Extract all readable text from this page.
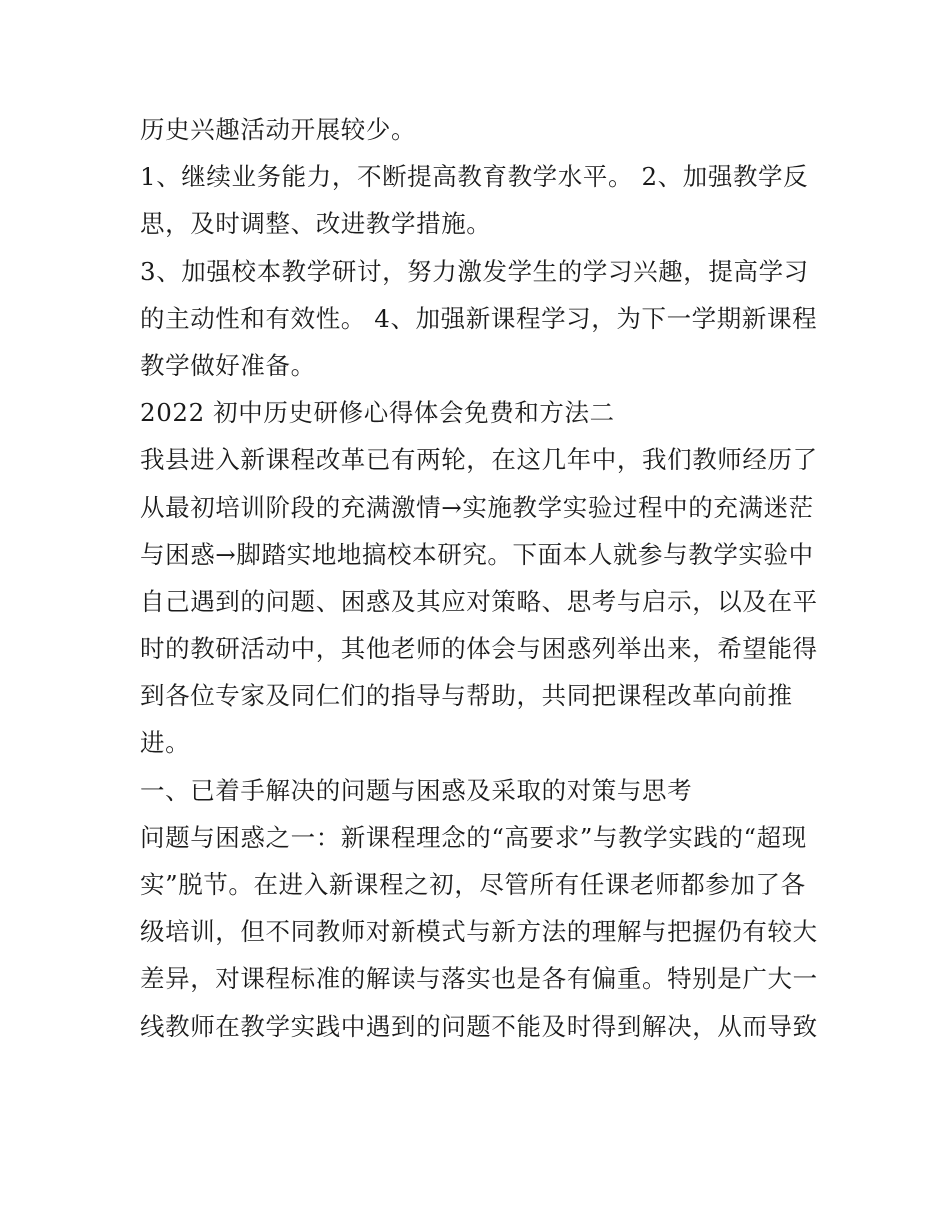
历史兴趣活动开展较少。
1、继续业务能力，不断提高教育教学水平。 2、加强教学反
思，及时调整、改进教学措施。
3、加强校本教学研讨，努力激发学生的学习兴趣，提高学习
的主动性和有效性。 4、加强新课程学习，为下一学期新课程
教学做好准备。
2022 初中历史研修心得体会免费和方法二
我县进入新课程改革已有两轮，在这几年中，我们教师经历了
从最初培训阶段的充满激情→实施教学实验过程中的充满迷茫
与困惑→脚踏实地地搞校本研究。下面本人就参与教学实验中
自己遇到的问题、困惑及其应对策略、思考与启示，以及在平
时的教研活动中，其他老师的体会与困惑列举出来，希望能得
到各位专家及同仁们的指导与帮助，共同把课程改革向前推
进。
一、已着手解决的问题与困惑及采取的对策与思考
问题与困惑之一：新课程理念的“高要求”与教学实践的“超现
实”脱节。在进入新课程之初，尽管所有任课老师都参加了各
级培训，但不同教师对新模式与新方法的理解与把握仍有较大
差异，对课程标准的解读与落实也是各有偏重。特别是广大一
线教师在教学实践中遇到的问题不能及时得到解决，从而导致
